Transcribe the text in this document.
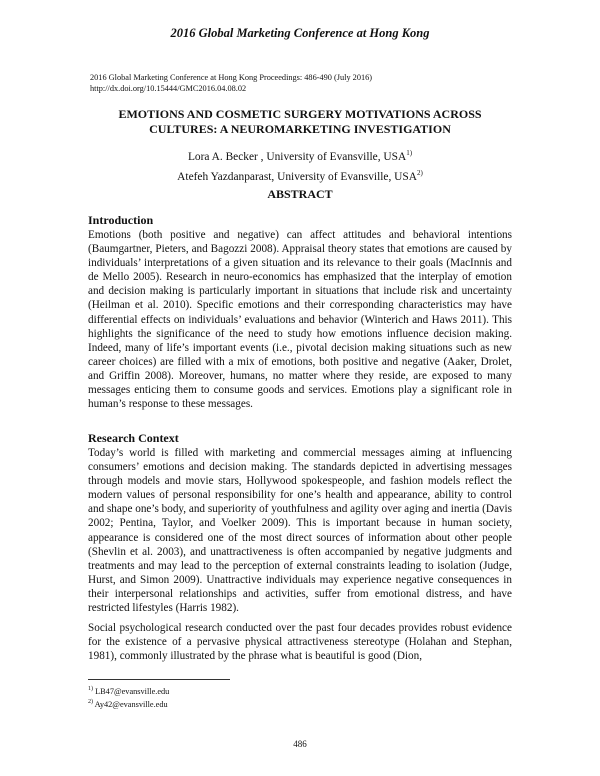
2016 Global Marketing Conference at Hong Kong
2016 Global Marketing Conference at Hong Kong Proceedings: 486-490 (July 2016)
http://dx.doi.org/10.15444/GMC2016.04.08.02
EMOTIONS AND COSMETIC SURGERY MOTIVATIONS ACROSS
CULTURES: A NEUROMARKETING INVESTIGATION
Lora A. Becker , University of Evansville, USA$^{1)}$
Atefeh Yazdanparast, University of Evansville, USA$^{2)}$
ABSTRACT
Introduction

Emotions (both positive and negative) can affect attitudes and behavioral intentions (Baumgartner, Pieters, and Bagozzi 2008). Appraisal theory states that emotions are caused by individuals’ interpretations of a given situation and its relevance to their goals (MacInnis and de Mello 2005). Research in neuro-economics has emphasized that the interplay of emotion and decision making is particularly important in situations that include risk and uncertainty (Heilman et al. 2010). Specific emotions and their corresponding characteristics may have differential effects on individuals’ evaluations and behavior (Winterich and Haws 2011). This highlights the significance of the need to study how emotions influence decision making. Indeed, many of life’s important events (i.e., pivotal decision making situations such as new career choices) are filled with a mix of emotions, both positive and negative (Aaker, Drolet, and Griffin 2008). Moreover, humans, no matter where they reside, are exposed to many messages enticing them to consume goods and services. Emotions play a significant role in human’s response to these messages.

Research Context

Today’s world is filled with marketing and commercial messages aiming at influencing consumers’ emotions and decision making. The standards depicted in advertising messages through models and movie stars, Hollywood spokespeople, and fashion models reflect the modern values of personal responsibility for one’s health and appearance, ability to control and shape one’s body, and superiority of youthfulness and agility over aging and inertia (Davis 2002; Pentina, Taylor, and Voelker 2009). This is important because in human society, appearance is considered one of the most direct sources of information about other people (Shevlin et al. 2003), and unattractiveness is often accompanied by negative judgments and treatments and may lead to the perception of external constraints leading to isolation (Judge, Hurst, and Simon 2009). Unattractive individuals may experience negative consequences in their interpersonal relationships and activities, suffer from emotional distress, and have restricted lifestyles (Harris 1982).

Social psychological research conducted over the past four decades provides robust evidence for the existence of a pervasive physical attractiveness stereotype (Holahan and Stephan, 1981), commonly illustrated by the phrase what is beautiful is good (Dion,

$^{1)}$ LB47@evansville.edu
$^{2)}$ Ay42@evansville.edu
486
